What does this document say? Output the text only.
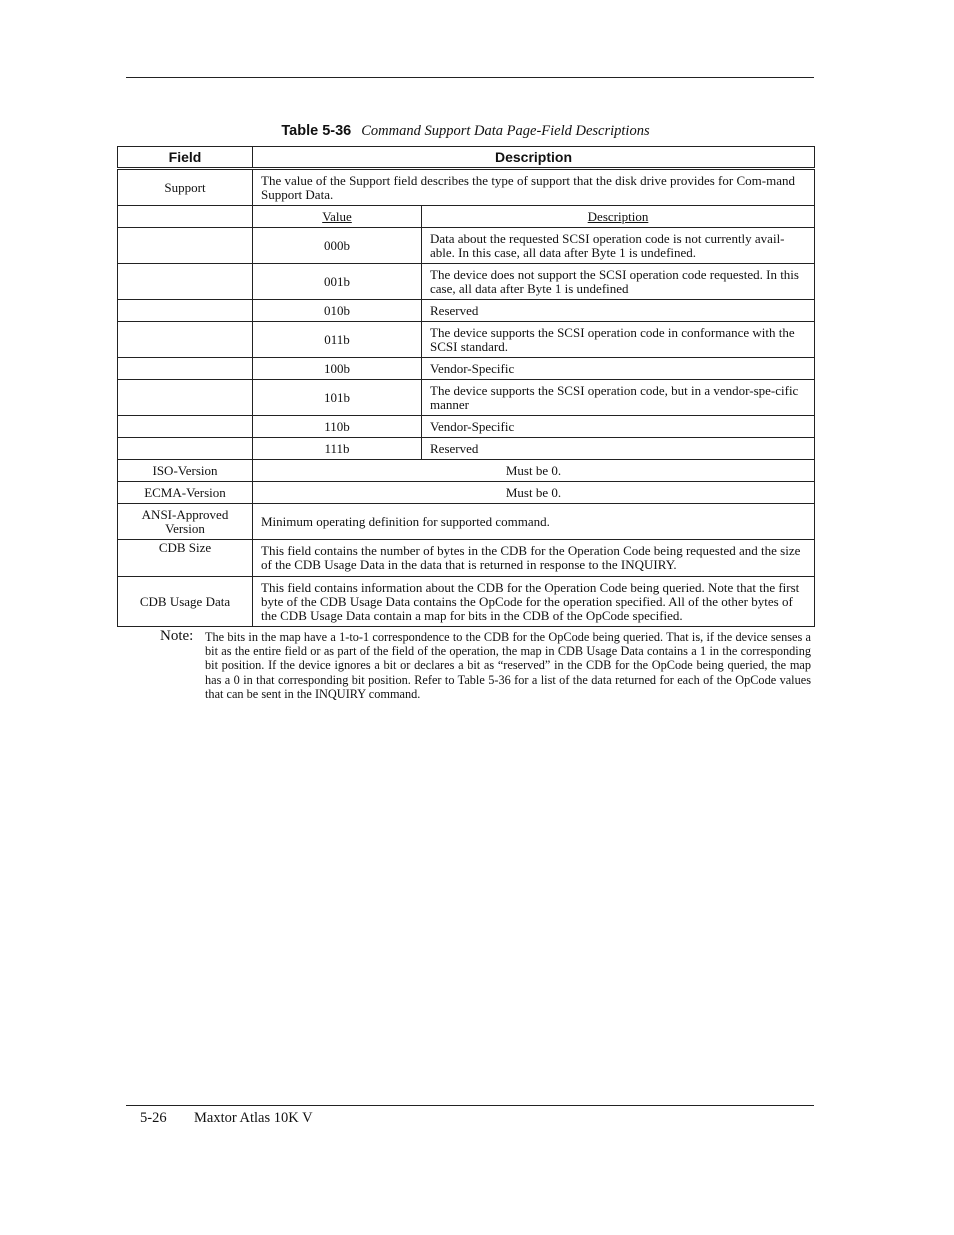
Table 5-36 Command Support Data Page-Field Descriptions
Field	Description	
Support	The value of the Support field describes the type of support that the disk drive provides for Com-mand Support Data.	
	Value	Description
	000b	Data about the requested SCSI operation code is not currently avail-able. In this case, all data after Byte 1 is undefined.
	001b	The device does not support the SCSI operation code requested. In this case, all data after Byte 1 is undefined
	010b	Reserved
	011b	The device supports the SCSI operation code in conformance with the SCSI standard.
	100b	Vendor-Specific
	101b	The device supports the SCSI operation code, but in a vendor-spe-cific manner
	110b	Vendor-Specific
	111b	Reserved
ISO-Version	Must be 0.	
ECMA-Version	Must be 0.	
ANSI-Approved
Version	Minimum operating definition for supported command.	
CDB Size	This field contains the number of bytes in the CDB for the Operation Code being requested and the size of the CDB Usage Data in the data that is returned in response to the INQUIRY.	
CDB Usage Data	This field contains information about the CDB for the Operation Code being queried. Note that the first byte of the CDB Usage Data contains the OpCode for the operation specified. All of the other bytes of the CDB Usage Data contain a map for bits in the CDB of the OpCode specified.	
Note: The bits in the map have a 1-to-1 correspondence to the CDB for the OpCode being queried. That is, if the device senses a bit as the entire field or as part of the field of the operation, the map in CDB Usage Data contains a 1 in the corresponding bit position. If the device ignores a bit or declares a bit as “reserved” in the CDB for the OpCode being queried, the map has a 0 in that corresponding bit position. Refer to Table 5-36 for a list of the data returned for each of the OpCode values that can be sent in the INQUIRY command.
5-26 Maxtor Atlas 10K V
